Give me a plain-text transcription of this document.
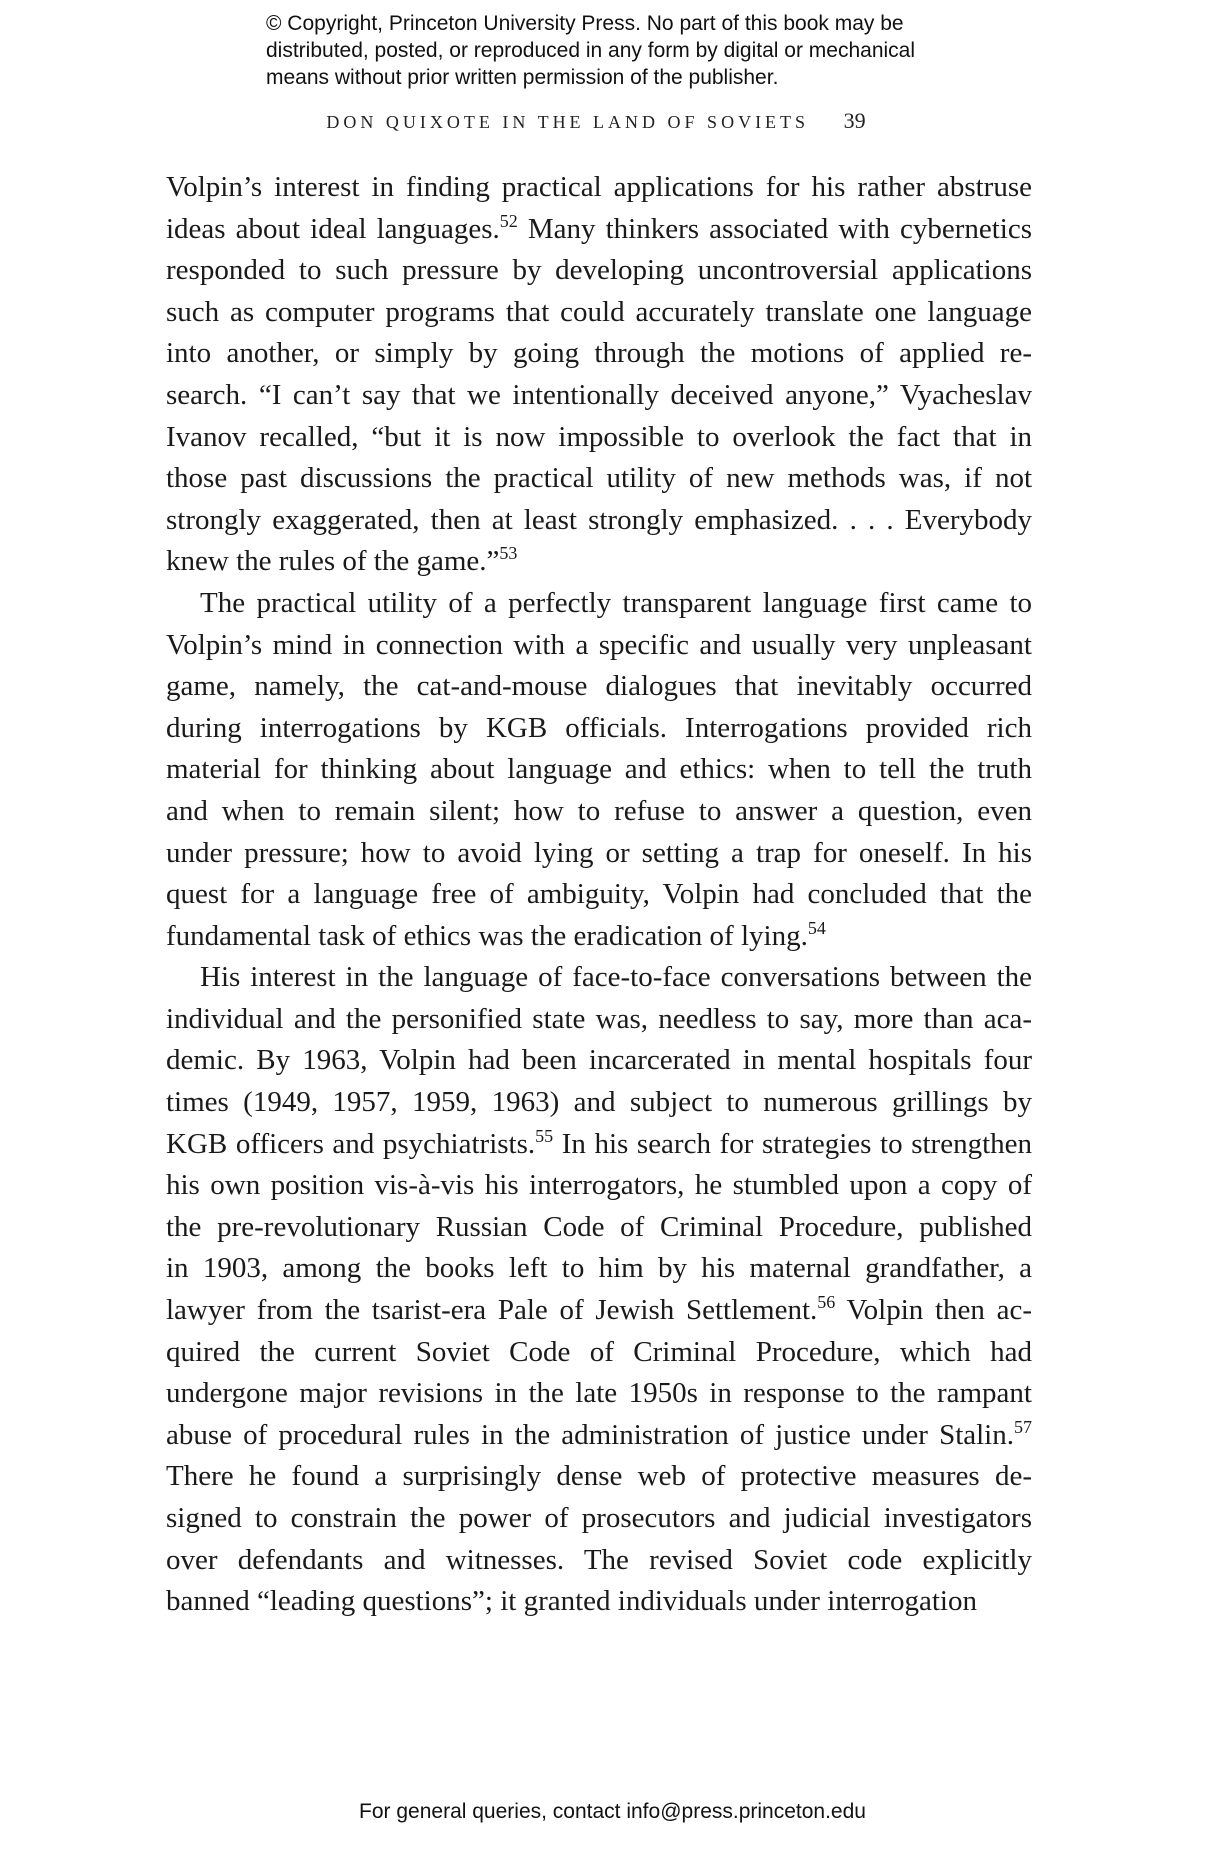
© Copyright, Princeton University Press. No part of this book may be
distributed, posted, or reproduced in any form by digital or mechanical
means without prior written permission of the publisher.
DON QUIXOTE IN THE LAND OF SOVIETS 39
Volpin’s interest in finding practical applications for his rather abstruse
ideas about ideal languages.$^{52}$ Many thinkers associated with cybernetics
responded to such pressure by developing uncontroversial applications
such as computer programs that could accurately translate one language
into another, or simply by going through the motions of applied re-
search. “I can’t say that we intentionally deceived anyone,” Vyacheslav
Ivanov recalled, “but it is now impossible to overlook the fact that in
those past discussions the practical utility of new methods was, if not
strongly exaggerated, then at least strongly emphasized. . . . Everybody
knew the rules of the game.”$^{53}$
The practical utility of a perfectly transparent language first came to
Volpin’s mind in connection with a specific and usually very unpleasant
game, namely, the cat-and-mouse dialogues that inevitably occurred
during interrogations by KGB officials. Interrogations provided rich
material for thinking about language and ethics: when to tell the truth
and when to remain silent; how to refuse to answer a question, even
under pressure; how to avoid lying or setting a trap for oneself. In his
quest for a language free of ambiguity, Volpin had concluded that the
fundamental task of ethics was the eradication of lying.$^{54}$
His interest in the language of face-to-face conversations between the
individual and the personified state was, needless to say, more than aca-
demic. By 1963, Volpin had been incarcerated in mental hospitals four
times (1949, 1957, 1959, 1963) and subject to numerous grillings by
KGB officers and psychiatrists.$^{55}$ In his search for strategies to strengthen
his own position vis-à-vis his interrogators, he stumbled upon a copy of
the pre-revolutionary Russian Code of Criminal Procedure, published
in 1903, among the books left to him by his maternal grandfather, a
lawyer from the tsarist-era Pale of Jewish Settlement.$^{56}$ Volpin then ac-
quired the current Soviet Code of Criminal Procedure, which had
undergone major revisions in the late 1950s in response to the rampant
abuse of procedural rules in the administration of justice under Stalin.$^{57}$
There he found a surprisingly dense web of protective measures de-
signed to constrain the power of prosecutors and judicial investigators
over defendants and witnesses. The revised Soviet code explicitly
banned “leading questions”; it granted individuals under interrogation
For general queries, contact info@press.princeton.edu
